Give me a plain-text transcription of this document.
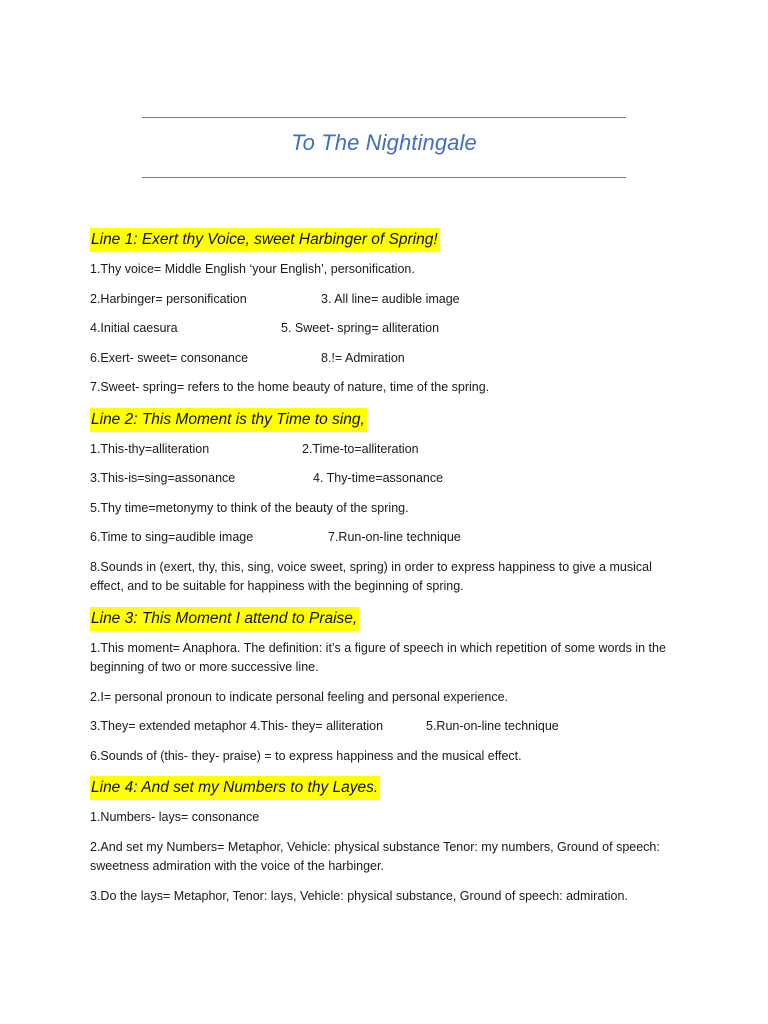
To The Nightingale
Line 1: Exert thy Voice, sweet Harbinger of Spring!
1.Thy voice= Middle English ‘your English’, personification.
2.Harbinger= personification	3. All line= audible image
4.Initial caesura	5. Sweet- spring= alliteration
6.Exert- sweet= consonance	8.!= Admiration
7.Sweet- spring= refers to the home beauty of nature, time of the spring.
Line 2: This Moment is thy Time to sing,
1.This-thy=alliteration	2.Time-to=alliteration
3.This-is=sing=assonance	4. Thy-time=assonance
5.Thy time=metonymy to think of the beauty of the spring.
6.Time to sing=audible image	7.Run-on-line technique
8.Sounds in (exert, thy, this, sing, voice sweet, spring) in order to express happiness to give a musical effect, and to be suitable for happiness with the beginning of spring.
Line 3: This Moment I attend to Praise,
1.This moment= Anaphora. The definition: it’s a figure of speech in which repetition of some words in the beginning of two or more successive line.
2.I= personal pronoun to indicate personal feeling and personal experience.
3.They= extended metaphor 4.This- they= alliteration	5.Run-on-line technique
6.Sounds of (this- they- praise) = to express happiness and the musical effect.
Line 4: And set my Numbers to thy Layes.
1.Numbers- lays= consonance
2.And set my Numbers= Metaphor, Vehicle: physical substance Tenor: my numbers, Ground of speech: sweetness admiration with the voice of the harbinger.
3.Do the lays= Metaphor, Tenor: lays, Vehicle: physical substance, Ground of speech: admiration.
